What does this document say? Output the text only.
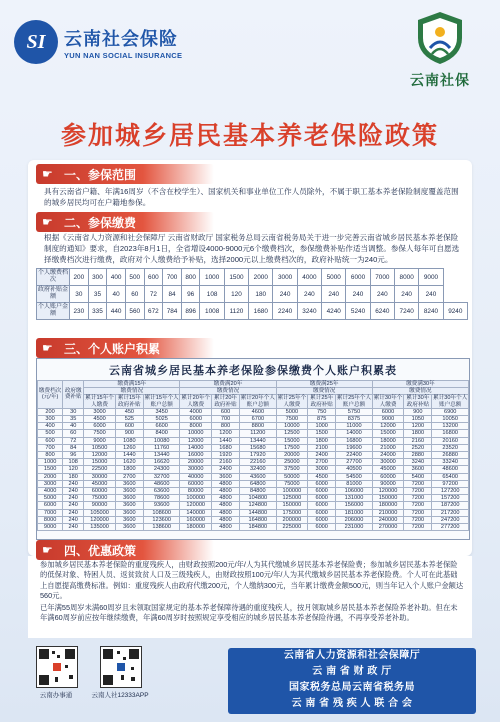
SI 云南社会保险
YUN NAN SOCIAL INSURANCE
云南社保
参加城乡居民基本养老保险政策
☛ 一、参保范围
具有云南省户籍、年满16周岁（不含在校学生）、国家机关和事业单位工作人员除外，不属于职工基本养老保险制度覆盖范围的城乡居民均可在户籍地参保。
☛ 二、参保缴费
根据《云南省人力资源和社会保障厅 云南省财政厅 国家税务总局云南省税务局关于进一步完善云南省城乡居民基本养老保险制度的通知》要求，自2023年8月1日，全省增设4000-9000元6个缴费档次，参保缴费补贴作适当调整。参保人每年可自愿选择缴费档次进行缴费，政府对个人缴费给予补贴，选择2000元以上缴费档次的，政府补贴统一为240元。
个人缴费档次	200	300	400	500	600	700	800	1000	1500	2000	3000	4000	5000	6000	7000	8000	9000	
政府补贴金额	30	35	40	60	72	84	96	108	120	180	240	240	240	240	240	240	240	
个人账户金额	230	335	440	560	672	784	896	1008	1120	1680	2240	3240	4240	5240	6240	7240	8240	9240
☛ 三、个人账户积累
云南省城乡居民基本养老保险参保缴费个人账户积累表
缴费档次(元/年)	政府缴费补贴	缴费满15年			缴费满20年			缴费满25年			缴费满30年		
		缴费情况			缴费情况			缴费情况			缴费情况		
		累计15年个人缴费	累计15年政府补贴	累计15年个人账户总额	累计20年个人缴费	累计20年政府补贴	累计20年个人账户总额	累计25年个人缴费	累计25年政府补贴	累计25年个人账户总额	累计30年个人缴费	累计30年政府补贴	累计30年个人账户总额
200	30	3000	450	3450	4000	600	4600	5000	750	5750	6000	900	6900
300	35	4500	525	5025	6000	700	6700	7500	875	8375	9000	1050	10050
400	40	6000	600	6600	8000	800	8800	10000	1000	11000	12000	1200	13200
500	60	7500	900	8400	10000	1200	11200	12500	1500	14000	15000	1800	16800
600	72	9000	1080	10080	12000	1440	13440	15000	1800	16800	18000	2160	20160
700	84	10500	1260	11760	14000	1680	15680	17500	2100	19600	21000	2520	23520
800	96	12000	1440	13440	16000	1920	17920	20000	2400	22400	24000	2880	26880
1000	108	15000	1620	16620	20000	2160	22160	25000	2700	27700	30000	3240	33240
1500	120	22500	1800	24300	30000	2400	32400	37500	3000	40500	45000	3600	48600
2000	180	30000	2700	32700	40000	3600	43600	50000	4500	54500	60000	5400	65400
3000	240	45000	3600	48600	60000	4800	64800	75000	6000	81000	90000	7200	97200
4000	240	60000	3600	63600	80000	4800	84800	100000	6000	106000	120000	7200	127200
5000	240	75000	3600	78600	100000	4800	104800	125000	6000	131000	150000	7200	157200
6000	240	90000	3600	93600	120000	4800	124800	150000	6000	156000	180000	7200	187200
7000	240	105000	3600	108600	140000	4800	144800	175000	6000	181000	210000	7200	217200
8000	240	120000	3600	123600	160000	4800	164800	200000	6000	206000	240000	7200	247200
9000	240	135000	3600	138600	180000	4800	184800	225000	6000	231000	270000	7200	277200
☛ 四、优惠政策
参加城乡居民基本养老保险的重度残疾人，由财政按照200元/年/人为其代缴城乡居民基本养老保险费；参加城乡居民基本养老保险的低保对象、特困人员、返贫致贫人口及三级残疾人，由财政按照100元/年/人为其代缴城乡居民基本养老保险费。个人可在此基础上自愿提高缴费标准。例如：重度残疾人由政府代缴200元，个人缴纳300元，当年累计缴费金额500元，则当年记入个人账户金额达560元。
已年满55周岁未满60周岁且未领取国家规定的基本养老保障待遇的重度残疾人，按月领取城乡居民基本养老保险养老补助。但在未年满60周岁前应按年继续缴费，年满60周岁时按照规定享受相应的城乡居民基本养老保险待遇，不再享受养老补助。
云南办事通	云南人社12333APP
云南省人力资源和社会保障厅
云 南 省 财 政 厅
国家税务总局云南省税务局
云 南 省 残 疾 人 联 合 会
